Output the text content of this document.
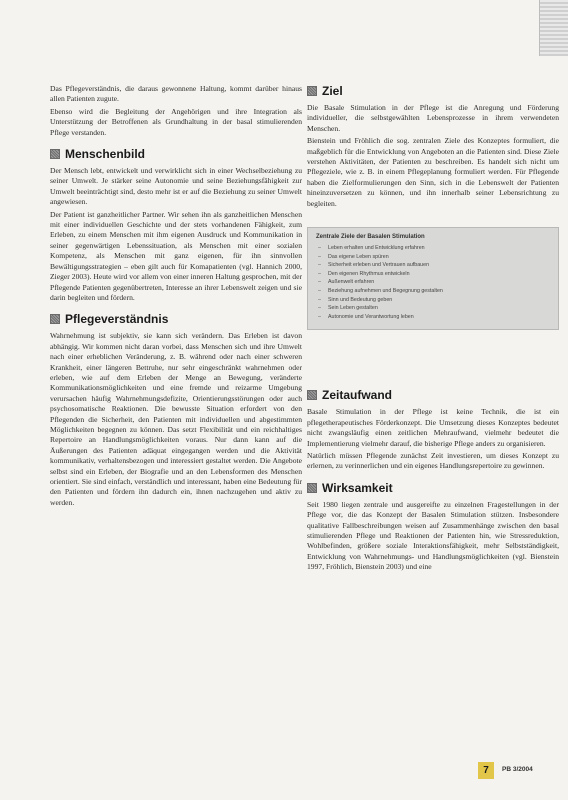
Das Pflegeverständnis, die daraus gewonnene Haltung, kommt darüber hinaus allen Patienten zugute.

Ebenso wird die Begleitung der Angehörigen und ihre Integration als Unterstützung der Betroffenen als Grundhaltung in der basal stimulierenden Pflege verstanden.

Menschenbild

Der Mensch lebt, entwickelt und verwirklicht sich in einer Wechselbeziehung zu seiner Umwelt. Je stärker seine Autonomie und seine Beziehungsfähigkeit zur Umwelt beeinträchtigt sind, desto mehr ist er auf die Beziehung zu seiner Umwelt angewiesen.

Der Patient ist ganzheitlicher Partner. Wir sehen ihn als ganzheitlichen Menschen mit einer individuellen Geschichte und der stets vorhandenen Fähigkeit, zum Erleben, zu einem Menschen mit ihm eigenen Ausdruck und Kommunikation in seiner gegenwärtigen Lebenssituation, als Menschen mit einer sozialen Kompetenz, als Menschen mit ganz eigenen, für ihn sinnvollen Bewältigungsstrategien – eben gilt auch für Komapatienten (vgl. Hannich 2000, Zieger 2003). Heute wird vor allem von einer inneren Haltung gesprochen, mit der Pflegende Patienten gegenübertreten, Interesse an ihrer Lebenswelt zeigen und sie darin begleiten und fördern.

Pflegeverständnis

Wahrnehmung ist subjektiv, sie kann sich verändern. Das Erleben ist davon abhängig. Wir kommen nicht daran vorbei, dass Menschen sich und ihre Umwelt nach einer erheblichen Veränderung, z. B. während oder nach einer schweren Krankheit, einer längeren Bettruhe, nur sehr eingeschränkt wahrnehmen oder erleben, wie auf dem Erleben der Menge an Bewegung, veränderte Kommunikationsmöglichkeiten und eine fremde und reizarme Umgebung verursachen häufig Wahrnehmungsdefizite, Orientierungsstörungen oder auch psychosomatische Reaktionen. Die bewusste Situation erfordert von den Pflegenden die Sicherheit, den Patienten mit individuellen und abgestimmten Möglichkeiten begegnen zu können. Das setzt Flexibilität und ein reichhaltiges Repertoire an Handlungsmöglichkeiten voraus. Nur dann kann auf die Äußerungen des Patienten adäquat eingegangen werden und die Aktivität kommunikativ, verhaltensbezogen und interessiert gestaltet werden. Die Angebote selbst sind ein Erleben, der Biografie und an den Lebensformen des Menschen orientiert. Sie sind einfach, verständlich und interessant, haben eine Bedeutung für den Patienten und fördern ihn dadurch ein, ihnen nachzugehen und aktiv zu werden.

Ziel

Die Basale Stimulation in der Pflege ist die Anregung und Förderung individueller, die selbstgewählten Lebensprozesse in ihrem verwendeten Menschen.

Bienstein und Fröhlich die sog. zentralen Ziele des Konzeptes formuliert, die maßgeblich für die Entwicklung von Angeboten an die Patienten sind. Diese Ziele verstehen Aktivitäten, der Patienten zu beschreiben. Es handelt sich nicht um Pflegeziele, wie z. B. in einem Pflegeplanung formuliert werden. Für Pflegende haben die Zielformulierungen den Sinn, sich in die Lebenswelt der Patienten hineinzuversetzen zu können, und ihn innerhalb seiner Lebensrichtung zu begleiten.

Zentrale Ziele der Basalen Stimulation
– Leben erhalten und Entwicklung erfahren
– Das eigene Leben spüren
– Sicherheit erleben und Vertrauen aufbauen
– Den eigenen Rhythmus entwickeln
– Außenwelt erfahren
– Beziehung aufnehmen und Begegnung gestalten
– Sinn und Bedeutung geben
– Sein Leben gestalten
– Autonomie und Verantwortung leben
Zeitaufwand

Basale Stimulation in der Pflege ist keine Technik, die ist ein pflegetherapeutisches Förderkonzept. Die Umsetzung dieses Konzeptes bedeutet nicht zwangsläufig einen zeitlichen Mehraufwand, vielmehr bedeutet die Implementierung vielmehr darauf, die bisherige Pflege anders zu organisieren.

Natürlich müssen Pflegende zunächst Zeit investieren, um dieses Konzept zu erlernen, zu verinnerlichen und ein eigenes Handlungsrepertoire zu gewinnen.

Wirksamkeit

Seit 1980 liegen zentrale und ausgereifte zu einzelnen Fragestellungen in der Pflege vor, die das Konzept der Basalen Stimulation stützen. Insbesondere qualitative Fallbeschreibungen weisen auf Zusammenhänge zwischen den basal stimulierenden Pflege und Reaktionen der Patienten hin, wie Stressreduktion, Wohlbefinden, größere soziale Interaktionsfähigkeit, mehr Selbstständigkeit, Entwicklung von Wahrnehmungs- und Handlungsmöglichkeiten (vgl. Bienstein 1997, Fröhlich, Bienstein 2003) und eine

7	PB 3/2004
